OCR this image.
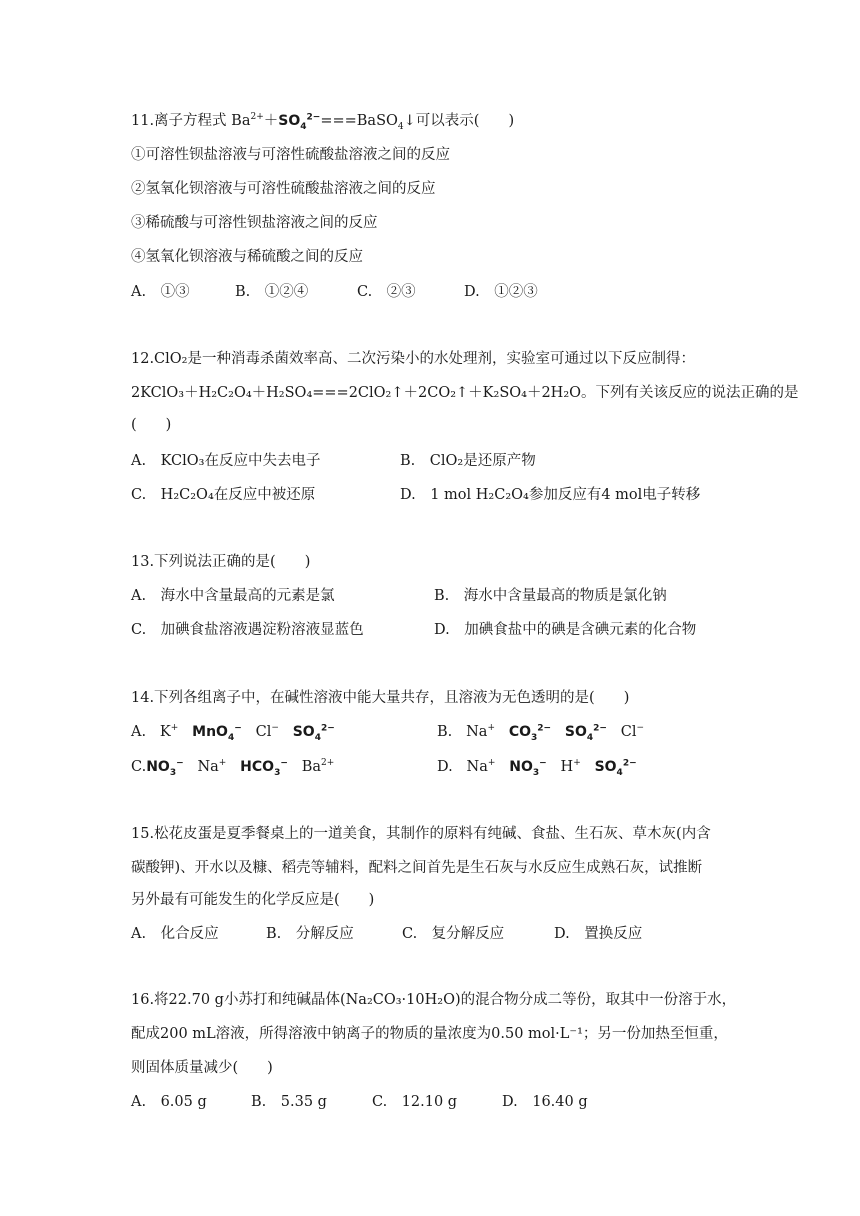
11.离子方程式 $Ba^{2+}+SO_4^{2-}===BaSO_4↓$可以表示(　　)
①可溶性钡盐溶液与可溶性硫酸盐溶液之间的反应
②氢氧化钡溶液与可溶性硫酸盐溶液之间的反应
③稀硫酸与可溶性钡盐溶液之间的反应
④氢氧化钡溶液与稀硫酸之间的反应
A.　①③	B.　①②④	C.　②③	D.　①②③
12.ClO₂是一种消毒杀菌效率高、二次污染小的水处理剂，实验室可通过以下反应制得：
2KClO₃＋H₂C₂O₄＋H₂SO₄===2ClO₂↑＋2CO₂↑＋K₂SO₄＋2H₂O。下列有关该反应的说法正确的是
(　　)
A.　KClO₃在反应中失去电子	B.　ClO₂是还原产物
C.　H₂C₂O₄在反应中被还原	D.　1 mol H₂C₂O₄参加反应有4 mol电子转移
13.下列说法正确的是(　　)
A.　海水中含量最高的元素是氯	B.　海水中含量最高的物质是氯化钠
C.　加碘食盐溶液遇淀粉溶液显蓝色	D.　加碘食盐中的碘是含碘元素的化合物
14.下列各组离子中，在碱性溶液中能大量共存，且溶液为无色透明的是(　　)
A.   K+ MnO$_4$−   Cl− $SO_4^{2-}$	B.   Na+ $CO_3^{2-}$ $SO_4^{2-}$   Cl−
$C.NO_3^-$   Na+ $HCO_3^-$   $Ba^{2+}$	D.   Na+ $NO_3^-$   H+ $SO_4^{2-}$
15.松花皮蛋是夏季餐桌上的一道美食，其制作的原料有纯碱、食盐、生石灰、草木灰(内含
碳酸钾)、开水以及糠、稻壳等辅料，配料之间首先是生石灰与水反应生成熟石灰，试推断
另外最有可能发生的化学反应是(　　)
A.　化合反应	B.　分解反应	C.　复分解反应	D.　置换反应
16.将22.70 g小苏打和纯碱晶体(Na₂CO₃·10H₂O)的混合物分成二等份，取其中一份溶于水，
配成200 mL溶液，所得溶液中钠离子的物质的量浓度为0.50 mol·L⁻¹；另一份加热至恒重，
则固体质量减少(　　)
A.　6.05 g	B.　5.35 g	C.　12.10 g	D.　16.40 g
